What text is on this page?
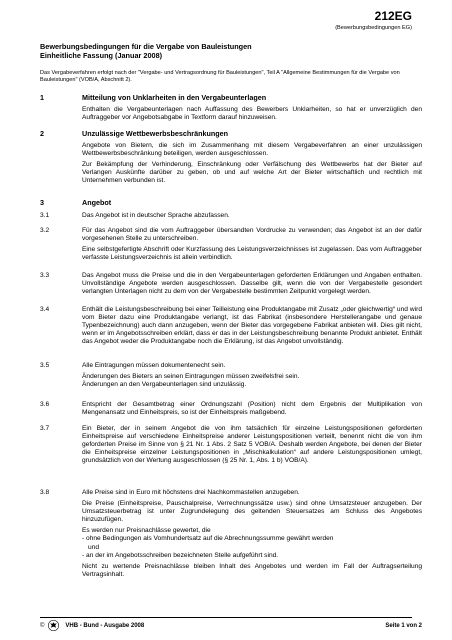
212EG
(Bewerbungsbedingungen EG)
Bewerbungsbedingungen für die Vergabe von Bauleistungen
Einheitliche Fassung (Januar 2008)
Das Vergabeverfahren erfolgt nach der "Vergabe- und Vertragsordnung für Bauleistungen", Teil A "Allgemeine Bestimmungen für die Vergabe von Bauleistungen" (VOB/A, Abschnitt 2).
1	Mitteilung von Unklarheiten in den Vergabeunterlagen
Enthalten die Vergabeunterlagen nach Auffassung des Bewerbers Unklarheiten, so hat er unverzüglich den Auftraggeber vor Angebotsabgabe in Textform darauf hinzuweisen.
2	Unzulässige Wettbewerbsbeschränkungen
Angebote von Bietern, die sich im Zusammenhang mit diesem Vergabeverfahren an einer unzulässigen Wettbewerbsbeschränkung beteiligen, werden ausgeschlossen.
Zur Bekämpfung der Verhinderung, Einschränkung oder Verfälschung des Wettbewerbs hat der Bieter auf Verlangen Auskünfte darüber zu geben, ob und auf welche Art der Bieter wirtschaftlich und rechtlich mit Unternehmen verbunden ist.
3	Angebot
3.1	Das Angebot ist in deutscher Sprache abzufassen.

3.2	Für das Angebot sind die vom Auftraggeber übersandten Vordrucke zu verwenden; das Angebot ist an der dafür vorgesehenen Stelle zu unterschreiben.

Eine selbstgefertigte Abschrift oder Kurzfassung des Leistungsverzeichnisses ist zugelassen. Das vom Auftraggeber verfasste Leistungsverzeichnis ist allein verbindlich.

3.3	Das Angebot muss die Preise und die in den Vergabeunterlagen geforderten Erklärungen und Angaben enthalten. Unvollständige Angebote werden ausgeschlossen. Dasselbe gilt, wenn die von der Vergabestelle gesondert verlangten Unterlagen nicht zu dem von der Vergabestelle bestimmten Zeitpunkt vorgelegt werden.

3.4	Enthält die Leistungsbeschreibung bei einer Teilleistung eine Produktangabe mit Zusatz „oder gleichwertig“ und wird vom Bieter dazu eine Produktangabe verlangt, ist das Fabrikat (insbesondere Herstellerangabe und genaue Typenbezeichnung) auch dann anzugeben, wenn der Bieter das vorgegebene Fabrikat anbieten will. Dies gilt nicht, wenn er im Angebotsschreiben erklärt, dass er das in der Leistungsbeschreibung benannte Produkt anbietet. Enthält das Angebot weder die Produktangabe noch die Erklärung, ist das Angebot unvollständig.

3.5	Alle Eintragungen müssen dokumentenecht sein.

Änderungen des Bieters an seinen Eintragungen müssen zweifelsfrei sein.

Änderungen an den Vergabeunterlagen sind unzulässig.

3.6	Entspricht der Gesamtbetrag einer Ordnungszahl (Position) nicht dem Ergebnis der Multiplikation von Mengenansatz und Einheitspreis, so ist der Einheitspreis maßgebend.

3.7	Ein Bieter, der in seinem Angebot die von ihm tatsächlich für einzelne Leistungspositionen geforderten Einheitspreise auf verschiedene Einheitspreise anderer Leistungspositionen verteilt, benennt nicht die von ihm geforderten Preise im Sinne von § 21 Nr. 1 Abs. 2 Satz 5 VOB/A. Deshalb werden Angebote, bei denen der Bieter die Einheitspreise einzelner Leistungspositionen in „Mischkalkulation“ auf andere Leistungspositionen umlegt, grundsätzlich von der Wertung ausgeschlossen (§ 25 Nr. 1, Abs. 1 b) VOB/A).

3.8	Alle Preise sind in Euro mit höchstens drei Nachkommastellen anzugeben.

Die Preise (Einheitspreise, Pauschalpreise, Verrechnungssätze usw.) sind ohne Umsatzsteuer anzugeben. Der Umsatzsteuerbetrag ist unter Zugrundelegung des geltenden Steuersatzes am Schluss des Angebotes hinzuzufügen.

Es werden nur Preisnachlässe gewertet, die

- ohne Bedingungen als Vomhundertsatz auf die Abrechnungssumme gewährt werden

und

- an der im Angebotsschreiben bezeichneten Stelle aufgeführt sind.

Nicht zu wertende Preisnachlässe bleiben Inhalt des Angebotes und werden im Fall der Auftragserteilung Vertragsinhalt.

©	VHB - Bund - Ausgabe 2008	Seite 1 von 2
